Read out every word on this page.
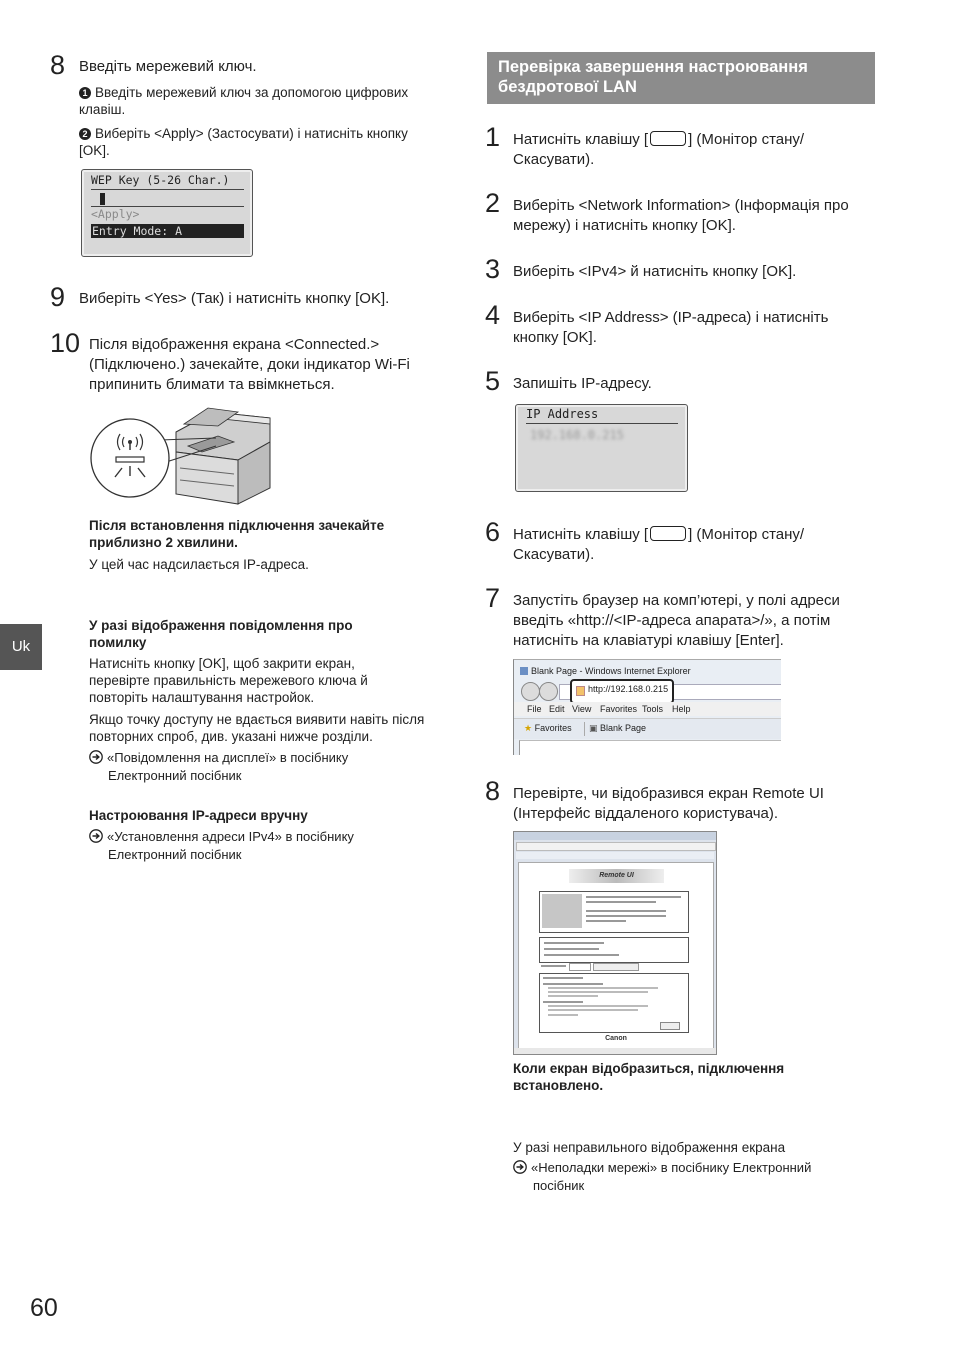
8 Введіть мережевий ключ.
1 Введіть мережевий ключ за допомогою цифрових клавіш.
2 Виберіть <Apply> (Застосувати) і натисніть кнопку [OK].
WEP Key (5-26 Char.)
<Apply>
Entry Mode: A
9 Виберіть <Yes> (Так) і натисніть кнопку [OK].
10 Після відображення екрана <Connected.> (Підключено.) зачекайте, доки індикатор Wi-Fi припинить блимати та ввімкнеться.
Після встановлення підключення зачекайте приблизно 2 хвилини.
У цей час надсилається IP-адреса.
У разі відображення повідомлення про помилку
Натисніть кнопку [OK], щоб закрити екран, перевірте правильність мережевого ключа й повторіть налаштування настройок.
Якщо точку доступу не вдається виявити навіть після повторних спроб, див. указані нижче розділи.
«Повідомлення на дисплеї» в посібнику
Електронний посібник
Настроювання IP-адреси вручну
«Установлення адреси IPv4» в посібнику
Електронний посібник
Uk
Перевірка завершення настроювання бездротової LAN
1 Натисніть клавішу [	] (Монітор стану/
Скасувати).
2 Виберіть <Network Information> (Інформація про мережу) і натисніть кнопку [OK].
3 Виберіть <IPv4> й натисніть кнопку [OK].
4 Виберіть <IP Address> (IP-адреса) і натисніть кнопку [OK].
5 Запишіть IP-адресу.
IP Address
192.168.0.215
6 Натисніть клавішу [	] (Монітор стану/
Скасувати).
7 Запустіть браузер на комп’ютері, у полі адреси введіть «http://<IP-адреса апарата>/», а потім натисніть на клавіатурі клавішу [Enter].
Blank Page - Windows Internet Explorer
http://192.168.0.215
File Edit View Favorites Tools Help
★ Favorites ▣ Blank Page
8 Перевірте, чи відобразився екран Remote UI (Інтерфейс віддаленого користувача).
Remote UI
Canon
Коли екран відобразиться, підключення встановлено.
У разі неправильного відображення екрана
«Неполадки мережі» в посібнику Електронний
посібник
60
